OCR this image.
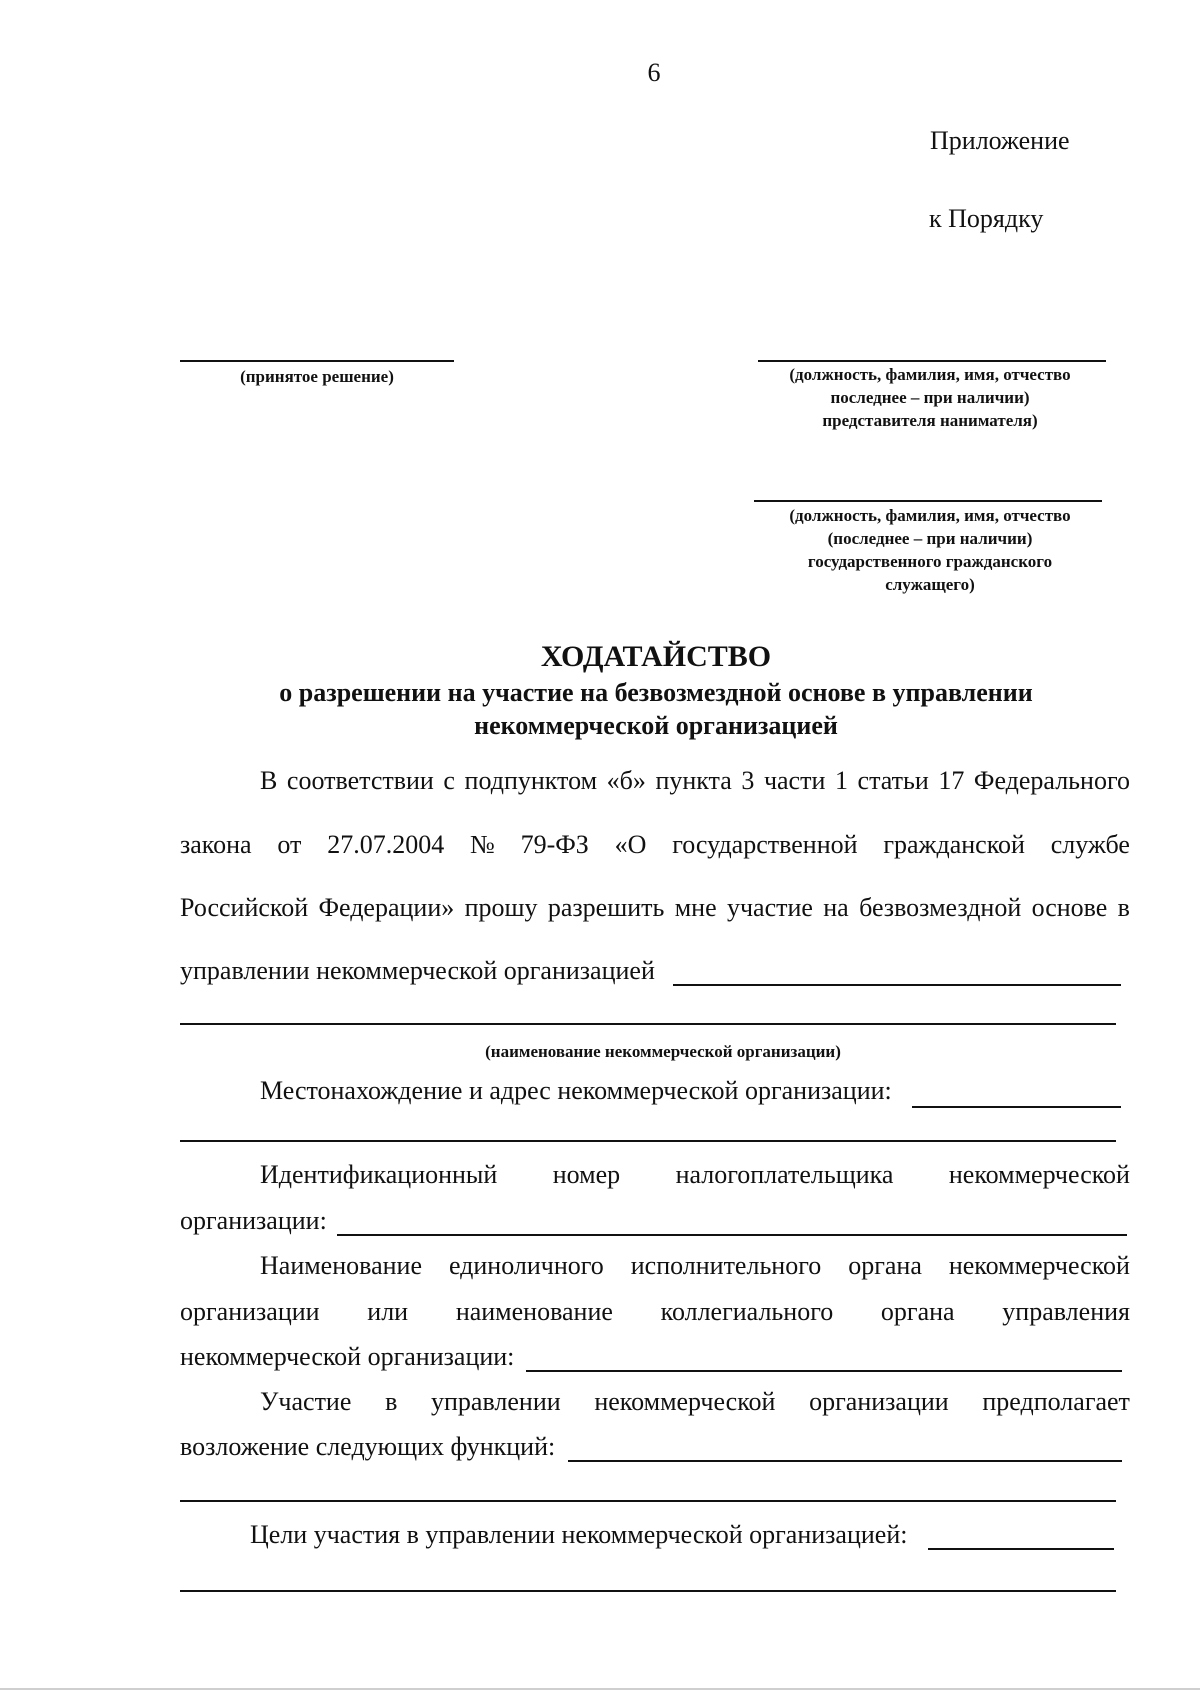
6
Приложение
к Порядку
(принятое решение)	(должность, фамилия, имя, отчество
последнее – при наличии)
представителя нанимателя)
(должность, фамилия, имя, отчество
(последнее – при наличии)
государственного гражданского
служащего)
ХОДАТАЙСТВО
о разрешении на участие на безвозмездной основе в управлении
некоммерческой организацией
В соответствии с подпунктом «б» пункта 3 части 1 статьи 17 Федерального
закона от 27.07.2004 № 79-ФЗ «О государственной гражданской службе
Российской Федерации» прошу разрешить мне участие на безвозмездной основе в
управлении некоммерческой организацией
(наименование некоммерческой организации)
Местонахождение и адрес некоммерческой организации:
Идентификационный номер налогоплательщика некоммерческой
организации:
Наименование единоличного исполнительного органа некоммерческой
организации или наименование коллегиального органа управления
некоммерческой организации:
Участие в управлении некоммерческой организации предполагает
возложение следующих функций:
Цели участия в управлении некоммерческой организацией:
